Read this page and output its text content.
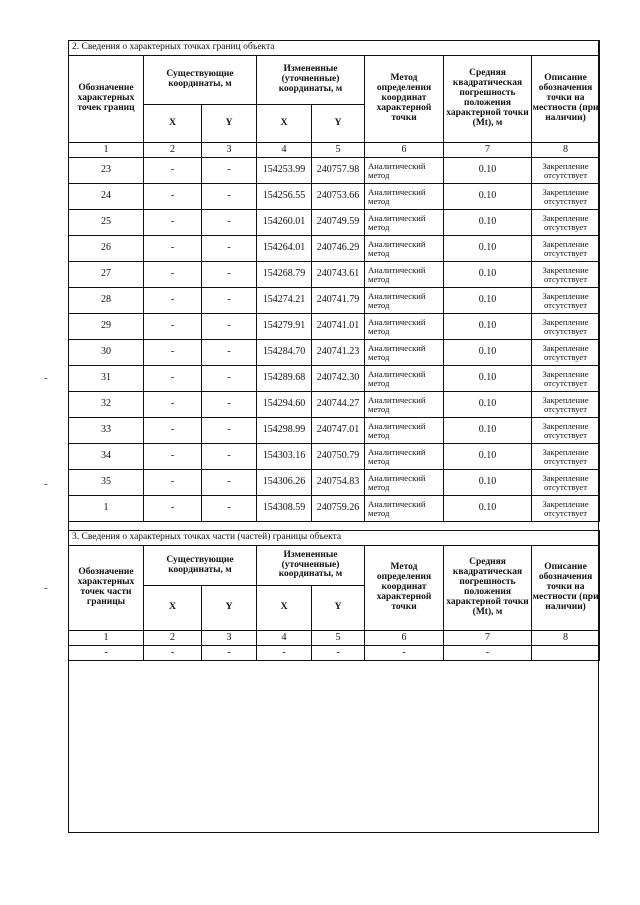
-
-
-
2. Сведения о характерных точках границ объекта							
Обозначение характерных точек границ	Существующие координаты, м		Измененные (уточненные) координаты, м		Метод определения координат характерной точки	Средняя квадратическая погрешность положения характерной точки (Mt), м	Описание обозначения точки на местности (при наличии)
	X	Y	X	Y			
1	2	3	4	5	6	7	8
23	-	-	154253.99	240757.98	Аналитический метод	0.10	Закрепление отсутствует
24	-	-	154256.55	240753.66	Аналитический метод	0.10	Закрепление отсутствует
25	-	-	154260.01	240749.59	Аналитический метод	0.10	Закрепление отсутствует
26	-	-	154264.01	240746.29	Аналитический метод	0.10	Закрепление отсутствует
27	-	-	154268.79	240743.61	Аналитический метод	0.10	Закрепление отсутствует
28	-	-	154274.21	240741.79	Аналитический метод	0.10	Закрепление отсутствует
29	-	-	154279.91	240741.01	Аналитический метод	0.10	Закрепление отсутствует
30	-	-	154284.70	240741.23	Аналитический метод	0.10	Закрепление отсутствует
31	-	-	154289.68	240742.30	Аналитический метод	0.10	Закрепление отсутствует
32	-	-	154294.60	240744.27	Аналитический метод	0.10	Закрепление отсутствует
33	-	-	154298.99	240747.01	Аналитический метод	0.10	Закрепление отсутствует
34	-	-	154303.16	240750.79	Аналитический метод	0.10	Закрепление отсутствует
35	-	-	154306.26	240754.83	Аналитический метод	0.10	Закрепление отсутствует
1	-	-	154308.59	240759.26	Аналитический метод	0.10	Закрепление отсутствует
3. Сведения о характерных точках части (частей) границы объекта							
Обозначение характерных точек части границы	Существующие координаты, м		Измененные (уточненные) координаты, м		Метод определения координат характерной точки	Средняя квадратическая погрешность положения характерной точки (Mt), м	Описание обозначения точки на местности (при наличии)
	X	Y	X	Y			
1	2	3	4	5	6	7	8
-	-	-	-	-	-	-	
